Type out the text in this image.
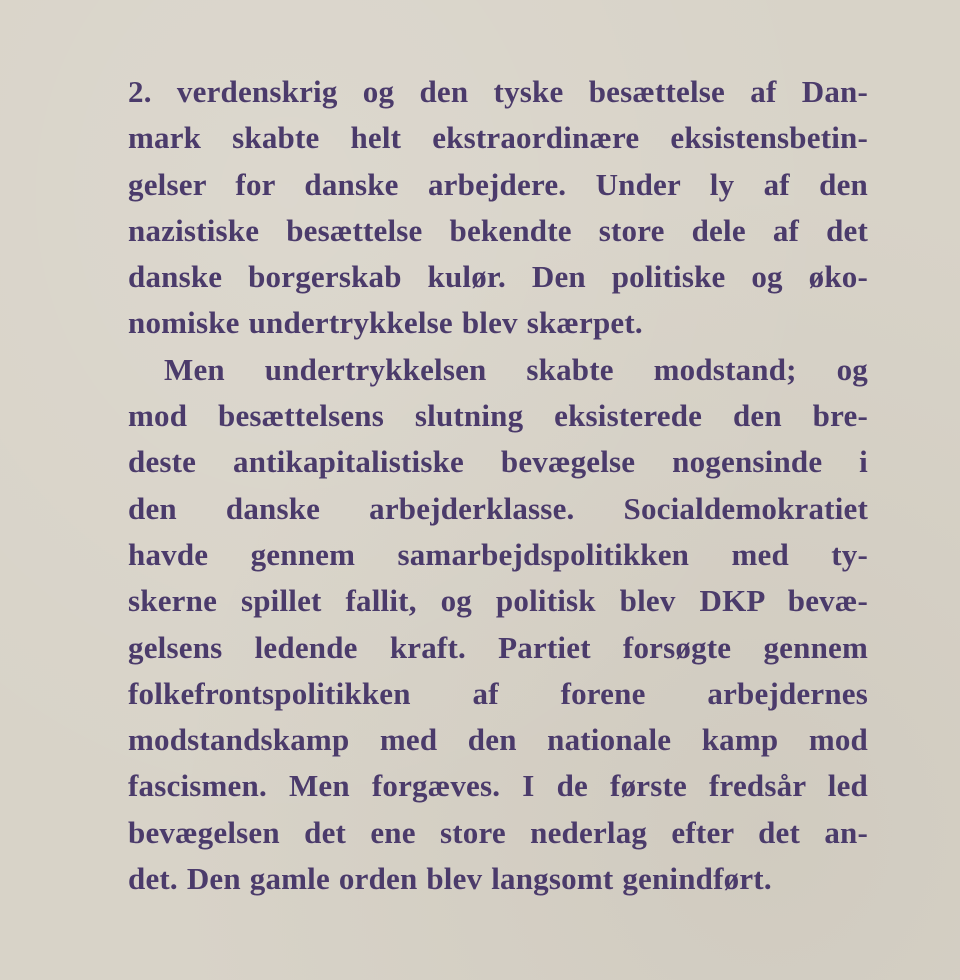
2. verdenskrig og den tyske besættelse af Dan-
mark skabte helt ekstraordinære eksistensbetin-
gelser for danske arbejdere. Under ly af den
nazistiske besættelse bekendte store dele af det
danske borgerskab kulør. Den politiske og øko-
nomiske undertrykkelse blev skærpet.
Men undertrykkelsen skabte modstand; og
mod besættelsens slutning eksisterede den bre-
deste antikapitalistiske bevægelse nogensinde i
den danske arbejderklasse. Socialdemokratiet
havde gennem samarbejdspolitikken med ty-
skerne spillet fallit, og politisk blev DKP bevæ-
gelsens ledende kraft. Partiet forsøgte gennem
folkefrontspolitikken af forene arbejdernes
modstandskamp med den nationale kamp mod
fascismen. Men forgæves. I de første fredsår led
bevægelsen det ene store nederlag efter det an-
det. Den gamle orden blev langsomt genindført.
